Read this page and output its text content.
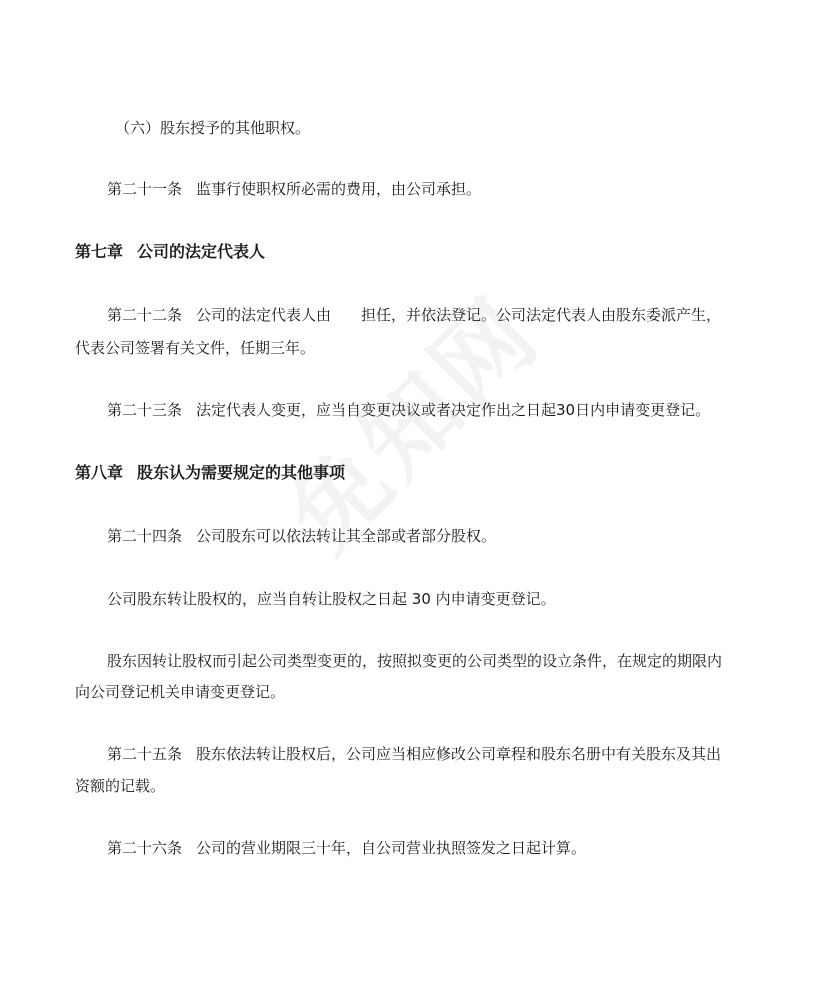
（六）股东授予的其他职权。
第二十一条 监事行使职权所必需的费用，由公司承担。
第七章 公司的法定代表人
第二十二条 公司的法定代表人由 担任，并依法登记。公司法定代表人由股东委派产生，
代表公司签署有关文件，任期三年。
第二十三条 法定代表人变更，应当自变更决议或者决定作出之日起30日内申请变更登记。
第八章 股东认为需要规定的其他事项
第二十四条 公司股东可以依法转让其全部或者部分股权。
公司股东转让股权的，应当自转让股权之日起 30 内申请变更登记。
股东因转让股权而引起公司类型变更的，按照拟变更的公司类型的设立条件，在规定的期限内
向公司登记机关申请变更登记。
第二十五条 股东依法转让股权后，公司应当相应修改公司章程和股东名册中有关股东及其出
资额的记载。
第二十六条 公司的营业期限三十年，自公司营业执照签发之日起计算。
